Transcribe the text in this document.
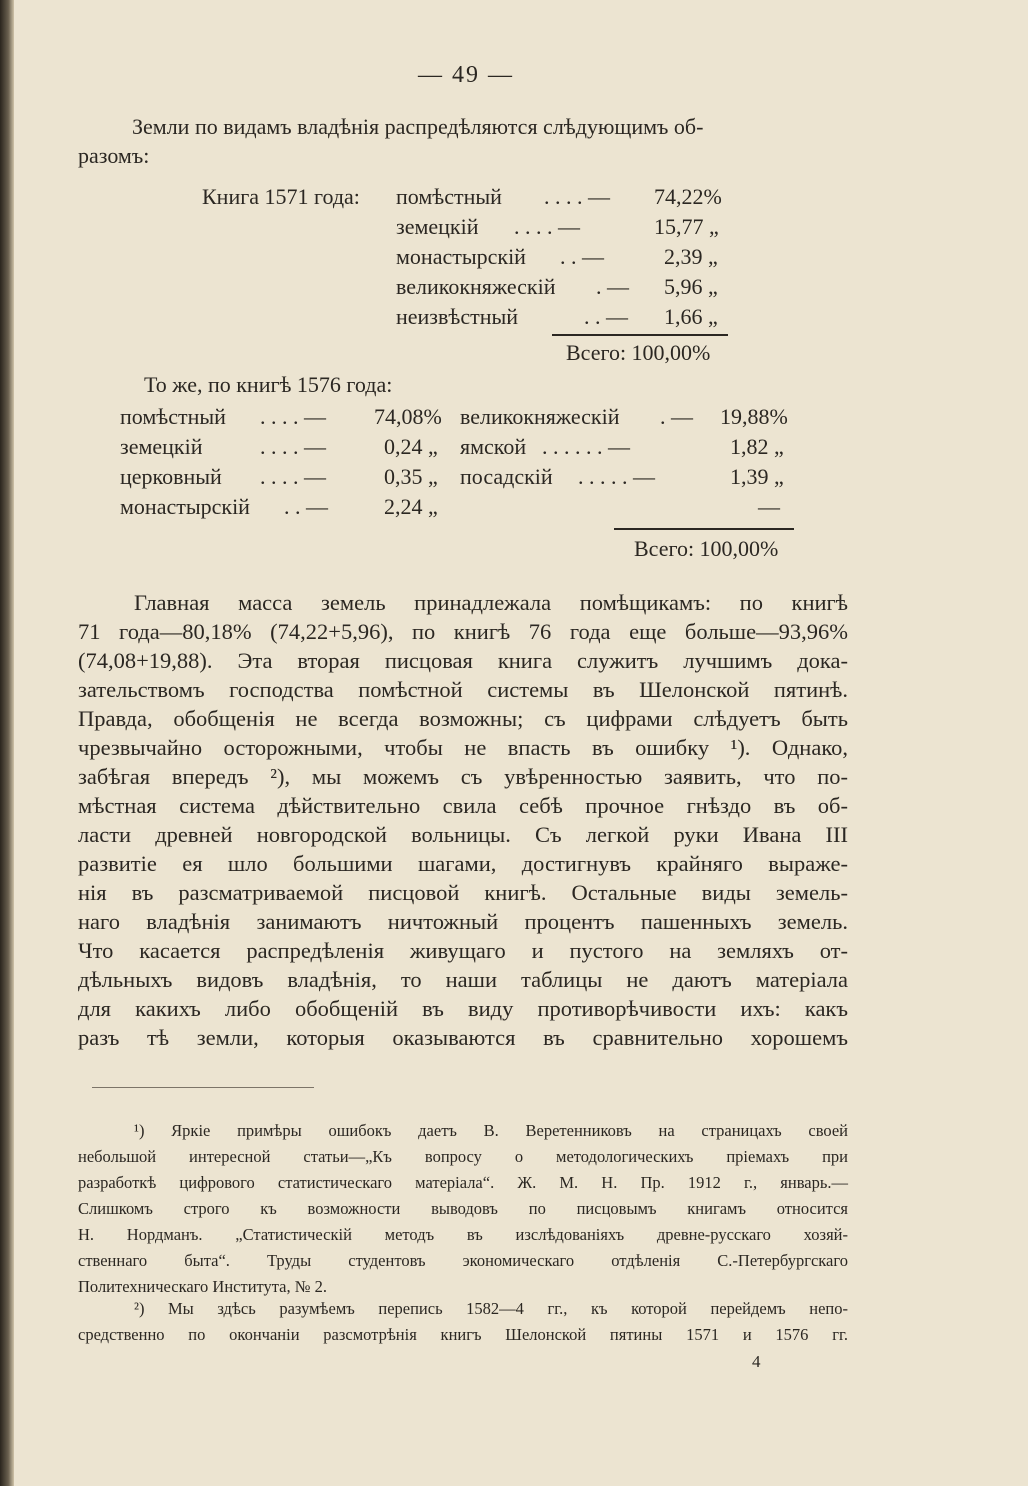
— 49 —
Земли по видамъ владѣнія распредѣляются слѣдующимъ об-
разомъ:
Книга 1571 года: помѣстный . . . . — 74,22%
земецкій . . . . —	15,77 „
монастырскій . . —	2,39 „
великокняжескій . — 5,96 „
неизвѣстный	. . — 1,66 „
Всего: 100,00%
То же, по книгѣ 1576 года:
помѣстный . . . . — 74,08% великокняжескій . — 19,88%
земецкій	. . . . —	0,24 „ ямской . . . . . . —	1,82 „
церковный . . . . —	0,35 „ посадскій . . . . . —	1,39 „
монастырскій . . —	2,24 „	—
Всего: 100,00%
Главная масса земель принадлежала помѣщикамъ: по книгѣ
71 года—80,18% (74,22+5,96), по книгѣ 76 года еще больше—93,96%
(74,08+19,88). Эта вторая писцовая книга служитъ лучшимъ дока-
зательствомъ господства помѣстной системы въ Шелонской пятинѣ.
Правда, обобщенія не всегда возможны; съ цифрами слѣдуетъ быть
чрезвычайно осторожными, чтобы не впасть въ ошибку ¹). Однако,
забѣгая впередъ ²), мы можемъ съ увѣренностью заявить, что по-
мѣстная система дѣйствительно свила себѣ прочное гнѣздо въ об-
ласти древней новгородской вольницы. Съ легкой руки Ивана III
развитіе ея шло большими шагами, достигнувъ крайняго выраже-
нія въ разсматриваемой писцовой книгѣ. Остальные виды земель-
наго владѣнія занимаютъ ничтожный процентъ пашенныхъ земель.
Что касается распредѣленія живущаго и пустого на земляхъ от-
дѣльныхъ видовъ владѣнія, то наши таблицы не даютъ матеріала
для какихъ либо обобщеній въ виду противорѣчивости ихъ: какъ
разъ тѣ земли, которыя оказываются въ сравнительно хорошемъ
¹) Яркіе примѣры ошибокъ даетъ В. Веретенниковъ на страницахъ своей
небольшой интересной статьи—„Къ вопросу о методологическихъ пріемахъ при
разработкѣ цифрового статистическаго матеріала“. Ж. М. Н. Пр. 1912 г., январь.—
Слишкомъ строго къ возможности выводовъ по писцовымъ книгамъ относится
Н. Нордманъ. „Статистическій методъ въ изслѣдованіяхъ древне-русскаго хозяй-
ственнаго быта“. Труды студентовъ экономическаго отдѣленія С.-Петербургскаго
Политехническаго Института, № 2.
²) Мы здѣсь разумѣемъ перепись 1582—4 гг., къ которой перейдемъ непо-
средственно по окончаніи разсмотрѣнія книгъ Шелонской пятины 1571 и 1576 гг.
4
